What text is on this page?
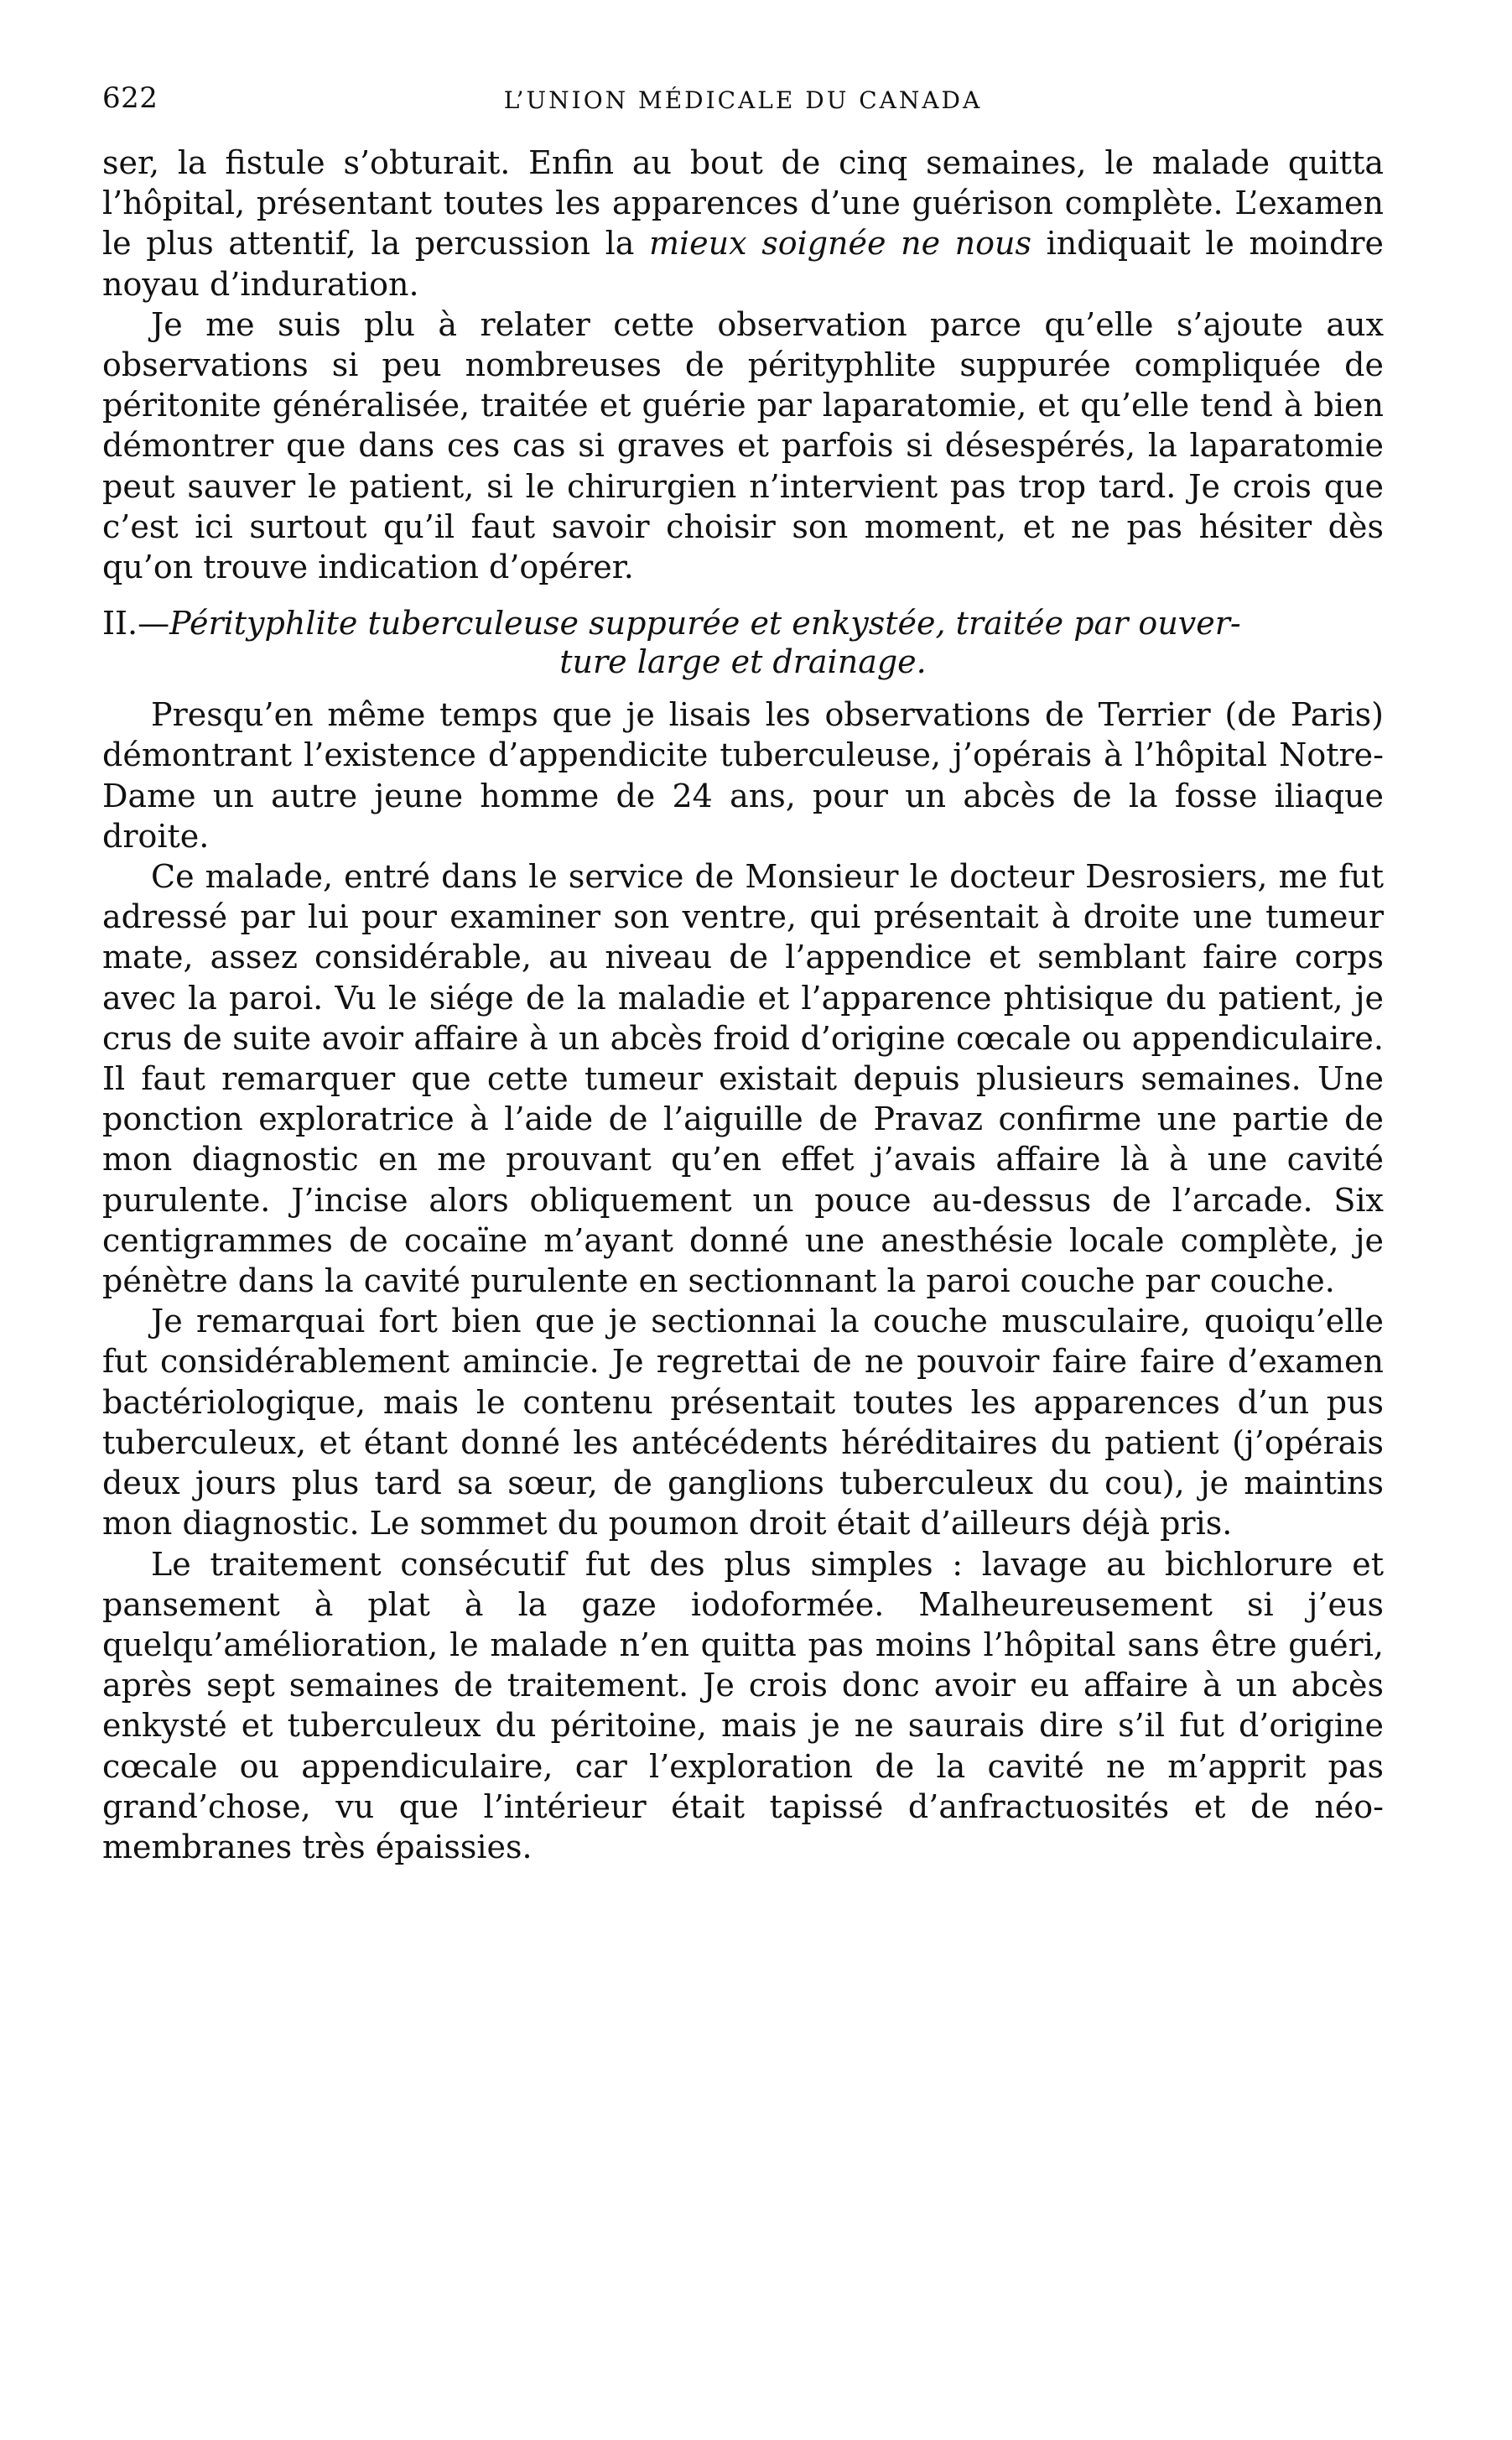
622	L’UNION MÉDICALE DU CANADA

ser, la fistule s’obturait. Enfin au bout de cinq semaines, le malade quitta l’hôpital, présentant toutes les apparences d’une guérison complète. L’examen le plus attentif, la percussion la mieux soignée ne nous indiquait le moindre noyau d’induration.

Je me suis plu à relater cette observation parce qu’elle s’ajoute aux observations si peu nombreuses de pérityphlite suppurée compliquée de péritonite généralisée, traitée et guérie par laparatomie, et qu’elle tend à bien démontrer que dans ces cas si graves et parfois si désespérés, la laparatomie peut sauver le patient, si le chirurgien n’intervient pas trop tard. Je crois que c’est ici surtout qu’il faut savoir choisir son moment, et ne pas hésiter dès qu’on trouve indication d’opérer.

II.—Pérityphlite tuberculeuse suppurée et enkystée, traitée par ouver-
ture large et drainage.

Presqu’en même temps que je lisais les observations de Terrier (de Paris) démontrant l’existence d’appendicite tuberculeuse, j’opérais à l’hôpital Notre-Dame un autre jeune homme de 24 ans, pour un abcès de la fosse iliaque droite.

Ce malade, entré dans le service de Monsieur le docteur Desrosiers, me fut adressé par lui pour examiner son ventre, qui présentait à droite une tumeur mate, assez considérable, au niveau de l’appendice et semblant faire corps avec la paroi. Vu le siége de la maladie et l’apparence phtisique du patient, je crus de suite avoir affaire à un abcès froid d’origine cœcale ou appendiculaire. Il faut remarquer que cette tumeur existait depuis plusieurs semaines. Une ponction exploratrice à l’aide de l’aiguille de Pravaz confirme une partie de mon diagnostic en me prouvant qu’en effet j’avais affaire là à une cavité purulente. J’incise alors obliquement un pouce au-dessus de l’arcade. Six centigrammes de cocaïne m’ayant donné une anesthésie locale complète, je pénètre dans la cavité purulente en sectionnant la paroi couche par couche.

Je remarquai fort bien que je sectionnai la couche musculaire, quoiqu’elle fut considérablement amincie. Je regrettai de ne pouvoir faire faire d’examen bactériologique, mais le contenu présentait toutes les apparences d’un pus tuberculeux, et étant donné les antécédents héréditaires du patient (j’opérais deux jours plus tard sa sœur, de ganglions tuberculeux du cou), je maintins mon diagnostic. Le sommet du poumon droit était d’ailleurs déjà pris.

Le traitement consécutif fut des plus simples : lavage au bichlorure et pansement à plat à la gaze iodoformée. Malheureusement si j’eus quelqu’amélioration, le malade n’en quitta pas moins l’hôpital sans être guéri, après sept semaines de traitement. Je crois donc avoir eu affaire à un abcès enkysté et tuberculeux du péritoine, mais je ne saurais dire s’il fut d’origine cœcale ou appendiculaire, car l’exploration de la cavité ne m’apprit pas grand’chose, vu que l’intérieur était tapissé d’anfractuosités et de néo-membranes très épaissies.
